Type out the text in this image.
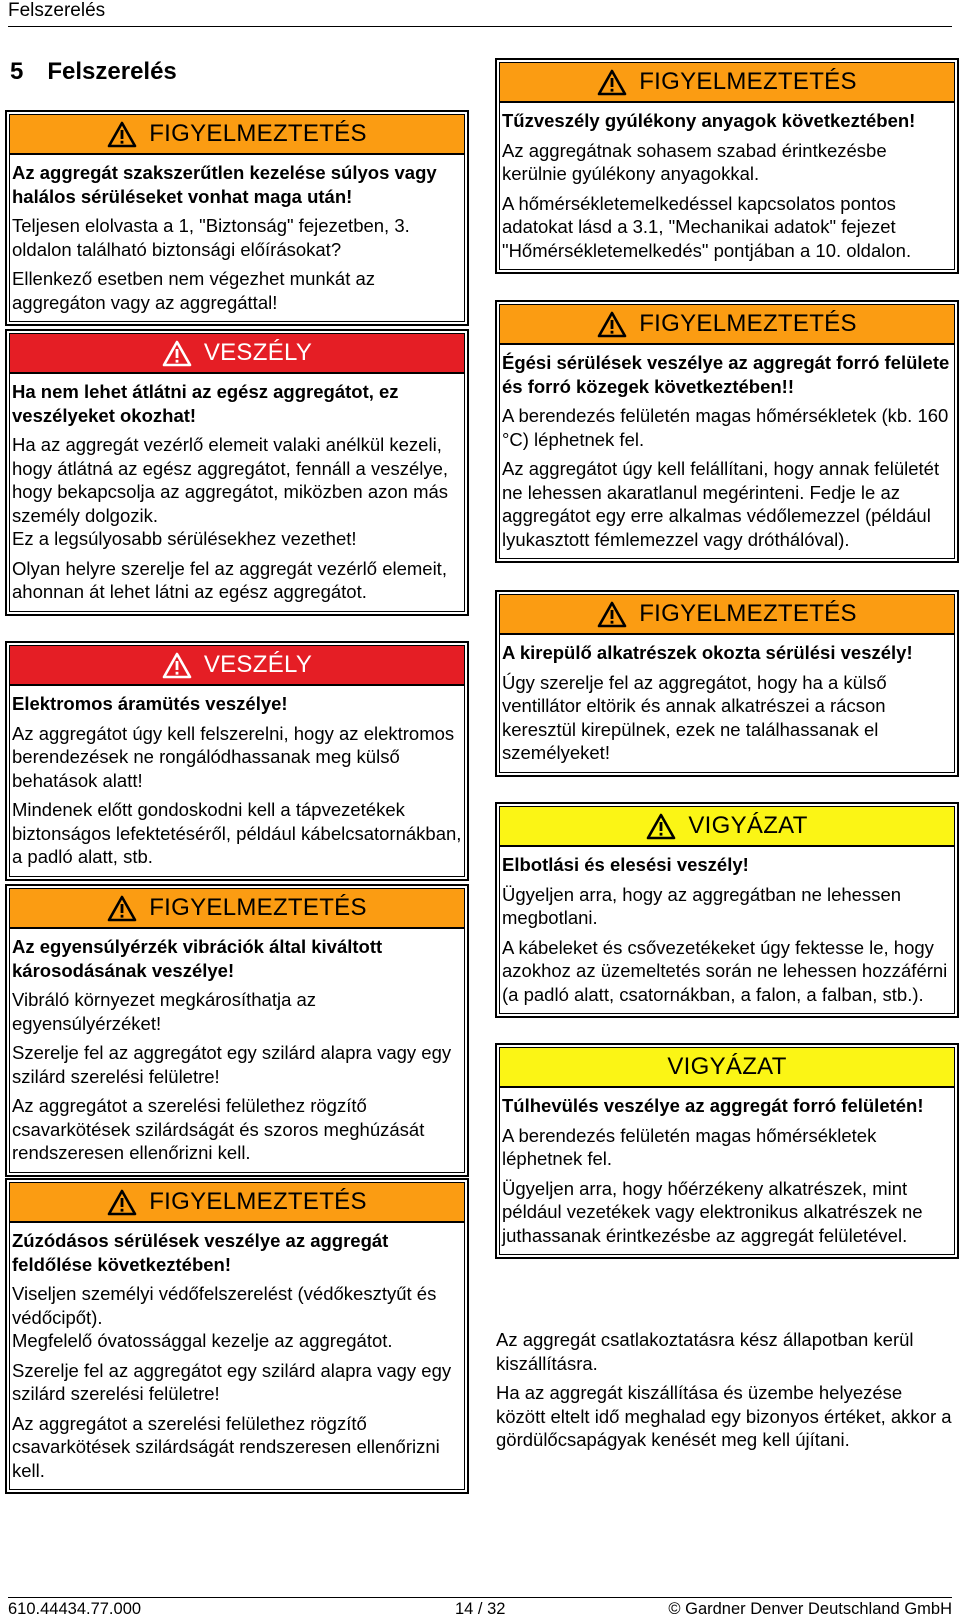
Felszerelés
5 Felszerelés
FIGYELMEZTETÉS

Az aggregát szakszerűtlen kezelése súlyos vagy halálos sérüléseket vonhat maga után!

Teljesen elolvasta a 1, "Biztonság" fejezetben, 3. oldalon található biztonsági előírásokat?

Ellenkező esetben nem végezhet munkát az aggregáton vagy az aggregáttal!

VESZÉLY

Ha nem lehet átlátni az egész aggregátot, ez veszélyeket okozhat!

Ha az aggregát vezérlő elemeit valaki anélkül kezeli, hogy átlátná az egész aggregátot, fennáll a veszélye, hogy bekapcsolja az aggregátot, miközben azon más személy dolgozik.
Ez a legsúlyosabb sérülésekhez vezethet!

Olyan helyre szerelje fel az aggregát vezérlő elemeit, ahonnan át lehet látni az egész aggregátot.

VESZÉLY

Elektromos áramütés veszélye!

Az aggregátot úgy kell felszerelni, hogy az elektromos berendezések ne rongálódhassanak meg külső behatások alatt!

Mindenek előtt gondoskodni kell a tápvezetékek biztonságos lefektetéséről, például kábelcsatornákban, a padló alatt, stb.

FIGYELMEZTETÉS

Az egyensúlyérzék vibrációk által kiváltott károsodásának veszélye!

Vibráló környezet megkárosíthatja az egyensúlyérzéket!

Szerelje fel az aggregátot egy szilárd alapra vagy egy szilárd szerelési felületre!

Az aggregátot a szerelési felülethez rögzítő csavarkötések szilárdságát és szoros meghúzását rendszeresen ellenőrizni kell.

FIGYELMEZTETÉS

Zúzódásos sérülések veszélye az aggregát feldőlése következtében!

Viseljen személyi védőfelszerelést (védőkesztyűt és védőcipőt).
Megfelelő óvatossággal kezelje az aggregátot.

Szerelje fel az aggregátot egy szilárd alapra vagy egy szilárd szerelési felületre!

Az aggregátot a szerelési felülethez rögzítő csavarkötések szilárdságát rendszeresen ellenőrizni kell.

FIGYELMEZTETÉS

Tűzveszély gyúlékony anyagok következtében!

Az aggregátnak sohasem szabad érintkezésbe kerülnie gyúlékony anyagokkal.

A hőmérsékletemelkedéssel kapcsolatos pontos adatokat lásd a 3.1, "Mechanikai adatok" fejezet "Hőmérsékletemelkedés" pontjában a 10. oldalon.

FIGYELMEZTETÉS

Égési sérülések veszélye az aggregát forró felülete és forró közegek következtében!!

A berendezés felületén magas hőmérsékletek (kb. 160 °C) léphetnek fel.

Az aggregátot úgy kell felállítani, hogy annak felületét ne lehessen akaratlanul megérinteni. Fedje le az aggregátot egy erre alkalmas védőlemezzel (például lyukasztott fémlemezzel vagy dróthálóval).

FIGYELMEZTETÉS

A kirepülő alkatrészek okozta sérülési veszély!

Úgy szerelje fel az aggregátot, hogy ha a külső ventillátor eltörik és annak alkatrészei a rácson keresztül kirepülnek, ezek ne találhassanak el személyeket!

VIGYÁZAT

Elbotlási és elesési veszély!

Ügyeljen arra, hogy az aggregátban ne lehessen megbotlani.

A kábeleket és csővezetékeket úgy fektesse le, hogy azokhoz az üzemeltetés során ne lehessen hozzáférni (a padló alatt, csatornákban, a falon, a falban, stb.).

VIGYÁZAT

Túlhevülés veszélye az aggregát forró felületén!

A berendezés felületén magas hőmérsékletek léphetnek fel.

Ügyeljen arra, hogy hőérzékeny alkatrészek, mint például vezetékek vagy elektronikus alkatrészek ne juthassanak érintkezésbe az aggregát felületével.

Az aggregát csatlakoztatásra kész állapotban kerül kiszállításra.

Ha az aggregát kiszállítása és üzembe helyezése között eltelt idő meghalad egy bizonyos értéket, akkor a gördülőcsapágyak kenését meg kell újítani.

610.44434.77.000	14 / 32	© Gardner Denver Deutschland GmbH
